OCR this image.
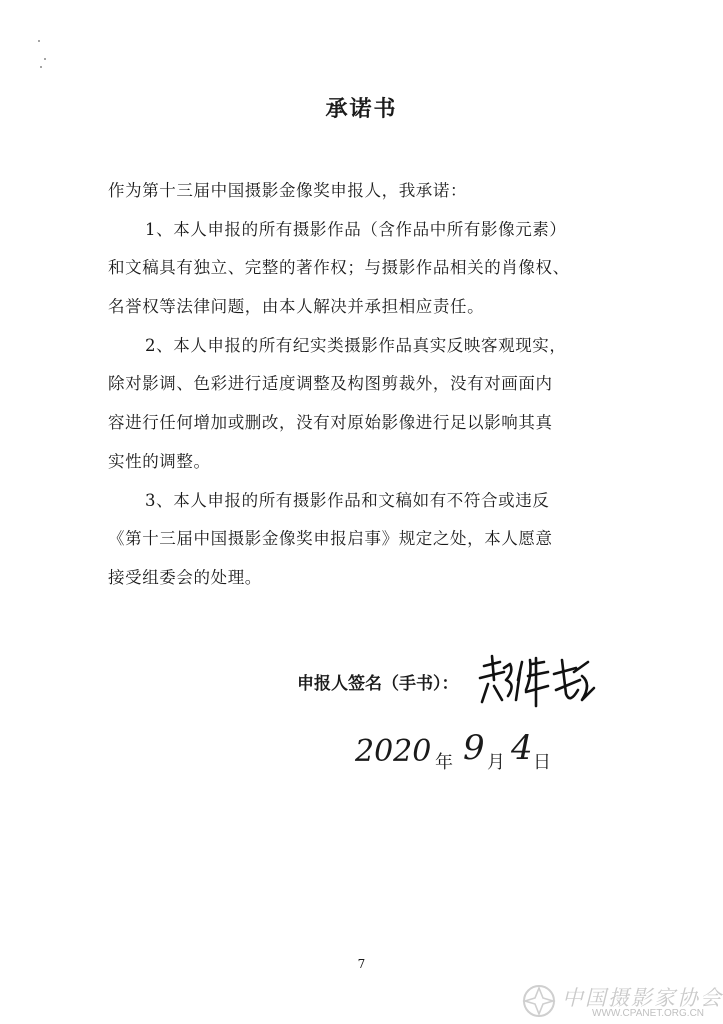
承诺书
作为第十三届中国摄影金像奖申报人，我承诺：
1、本人申报的所有摄影作品（含作品中所有影像元素）
和文稿具有独立、完整的著作权；与摄影作品相关的肖像权、
名誉权等法律问题，由本人解决并承担相应责任。
2、本人申报的所有纪实类摄影作品真实反映客观现实，
除对影调、色彩进行适度调整及构图剪裁外，没有对画面内
容进行任何增加或删改，没有对原始影像进行足以影响其真
实性的调整。
3、本人申报的所有摄影作品和文稿如有不符合或违反
《第十三届中国摄影金像奖申报启事》规定之处，本人愿意
接受组委会的处理。
申报人签名（手书）：
2020 年 9 月 4 日
7
中国摄影家协会
WWW.CPANET.ORG.CN
